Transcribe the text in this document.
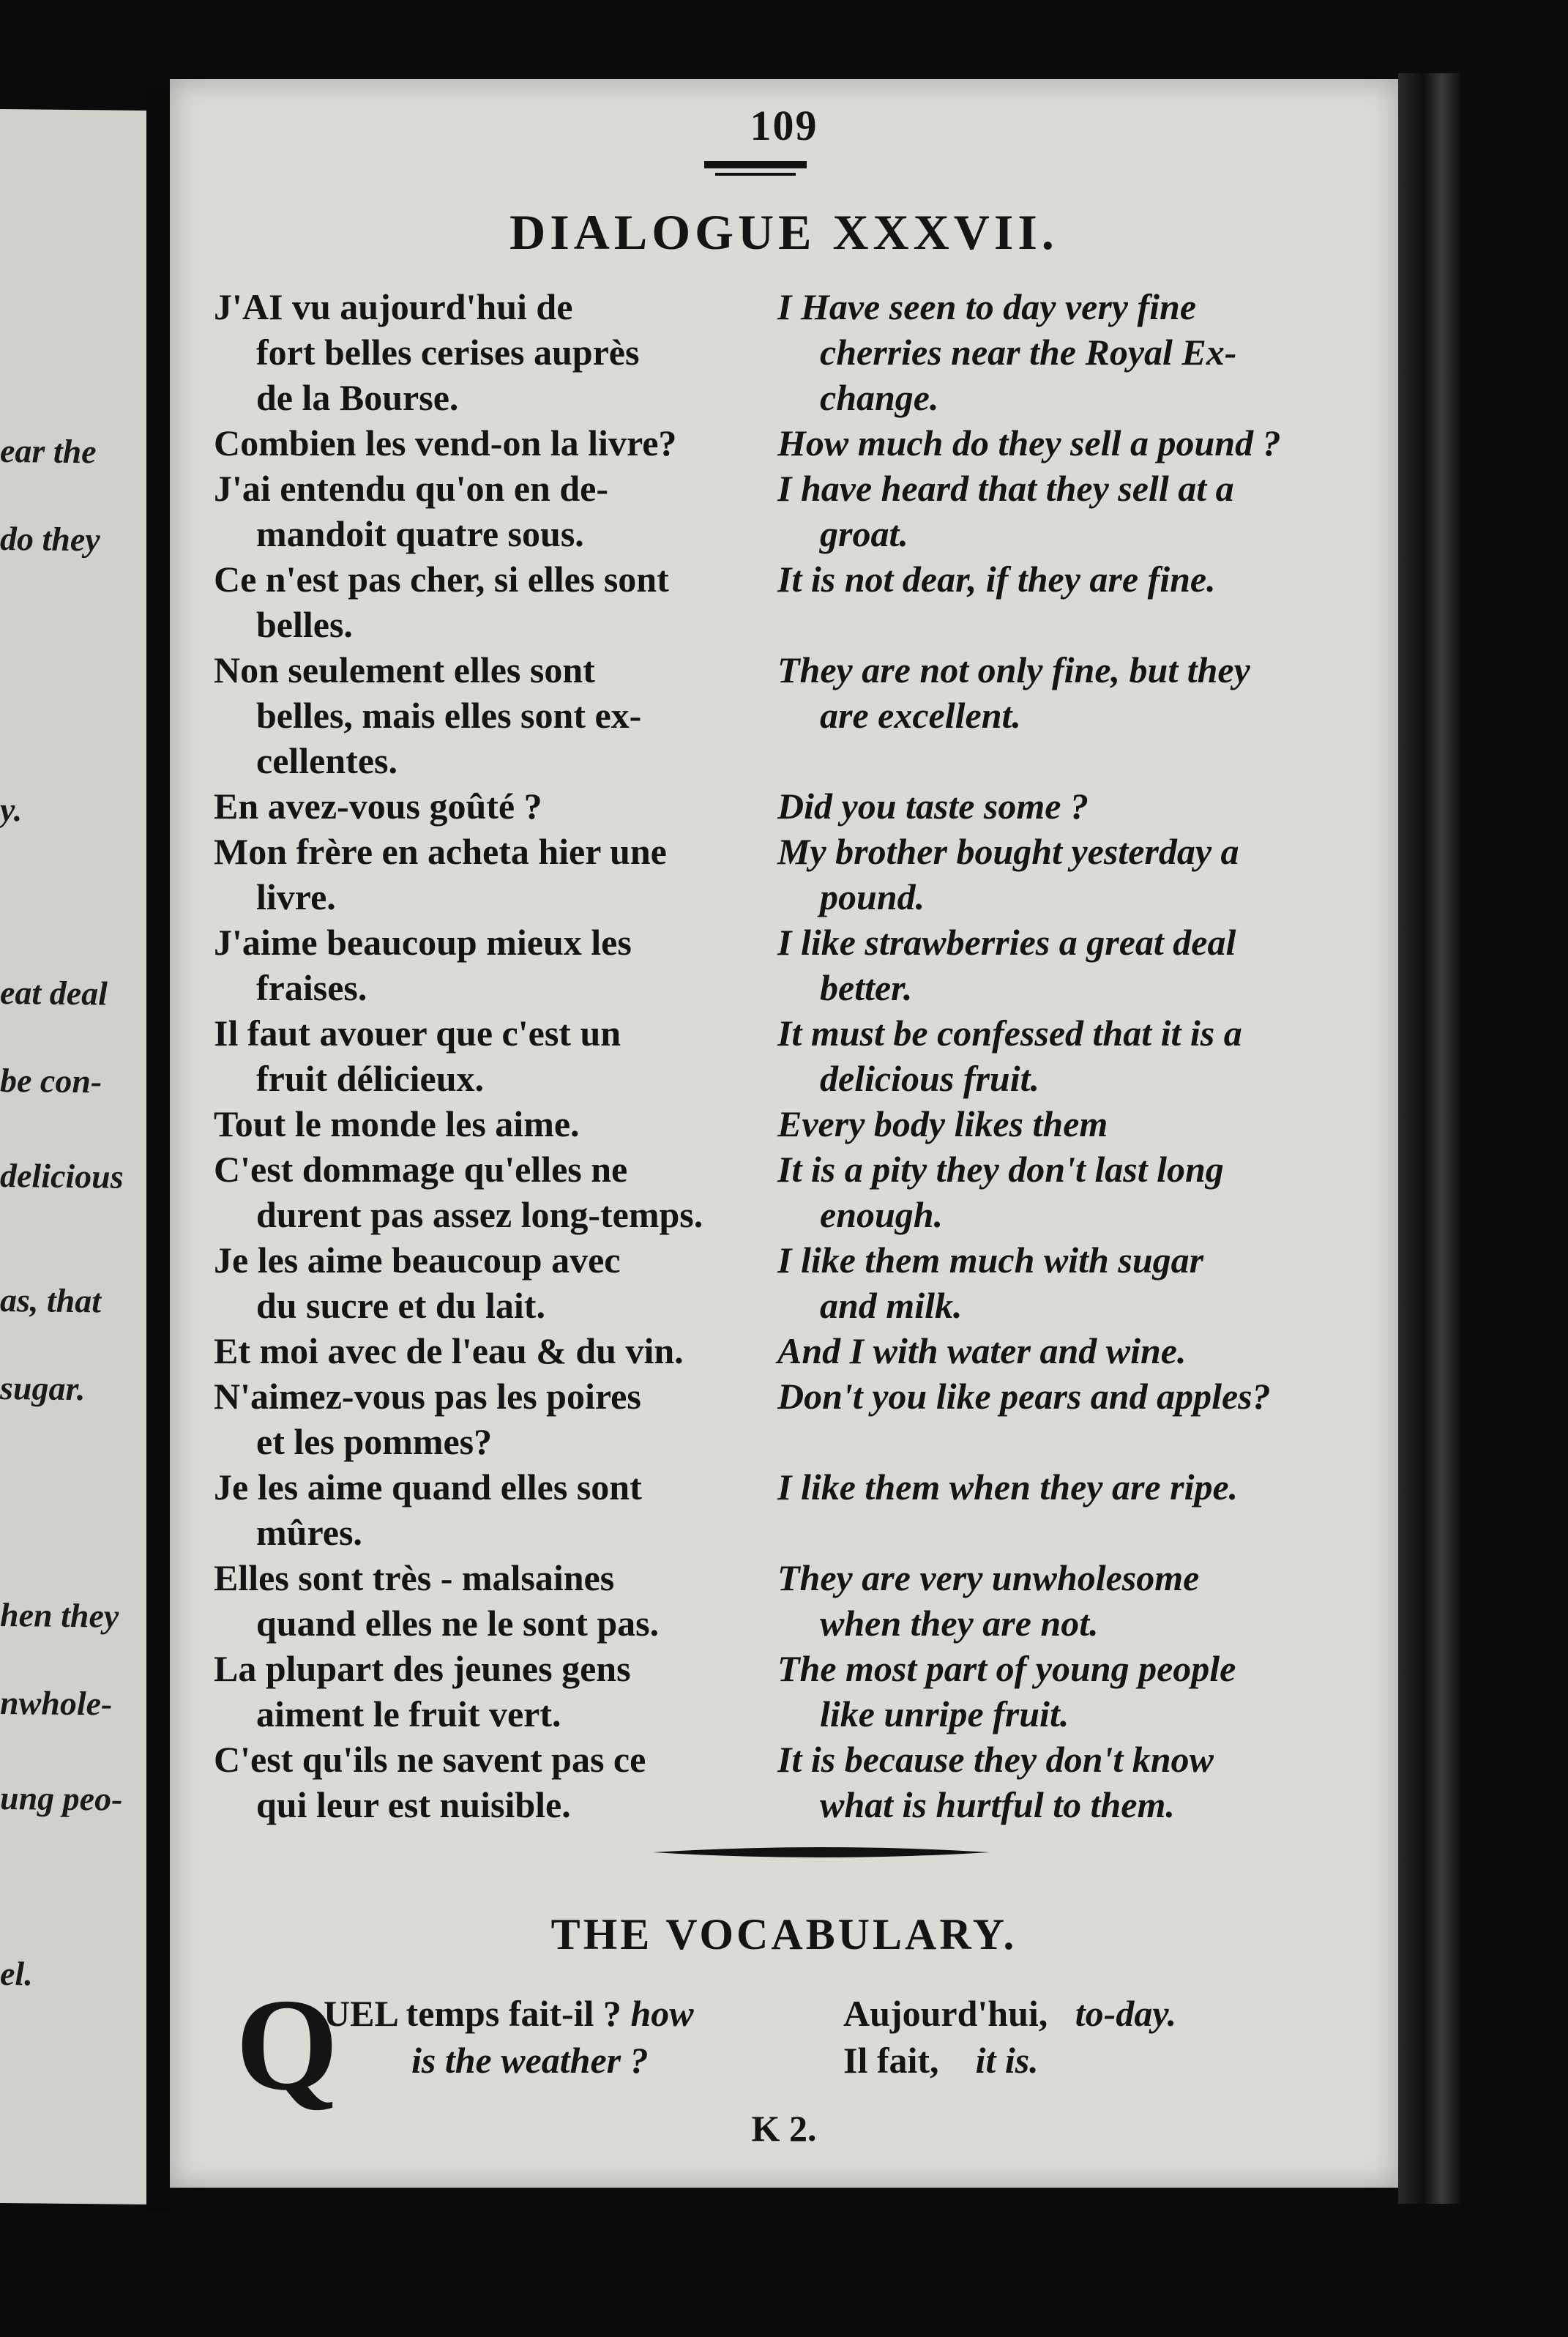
ear the
do they
y.
eat deal
be con-
delicious
as, that
sugar.
hen they
nwhole-
ung peo-
el.
109
DIALOGUE XXXVII.
J'AI vu aujourd'hui de
fort belles cerises auprès
de la Bourse.
Combien les vend-on la livre?
J'ai entendu qu'on en de-
mandoit quatre sous.
Ce n'est pas cher, si elles sont
belles.
Non seulement elles sont
belles, mais elles sont ex-
cellentes.
En avez-vous goûté ?
Mon frère en acheta hier une
livre.
J'aime beaucoup mieux les
fraises.
Il faut avouer que c'est un
fruit délicieux.
Tout le monde les aime.
C'est dommage qu'elles ne
durent pas assez long-temps.
Je les aime beaucoup avec
du sucre et du lait.
Et moi avec de l'eau & du vin.
N'aimez-vous pas les poires
et les pommes?
Je les aime quand elles sont
mûres.
Elles sont très - malsaines
quand elles ne le sont pas.
La plupart des jeunes gens
aiment le fruit vert.
C'est qu'ils ne savent pas ce
qui leur est nuisible.
I Have seen to day very fine
cherries near the Royal Ex-
change.
How much do they sell a pound ?
I have heard that they sell at a
groat.
It is not dear, if they are fine.
They are not only fine, but they
are excellent.
Did you taste some ?
My brother bought yesterday a
pound.
I like strawberries a great deal
better.
It must be confessed that it is a
delicious fruit.
Every body likes them
It is a pity they don't last long
enough.
I like them much with sugar
and milk.
And I with water and wine.
Don't you like pears and apples?
I like them when they are ripe.
They are very unwholesome
when they are not.
The most part of young people
like unripe fruit.
It is because they don't know
what is hurtful to them.
THE VOCABULARY.
Q
UEL temps fait-il ? how
is the weather ?
Aujourd'hui, to-day.
Il fait, it is.
K 2.
